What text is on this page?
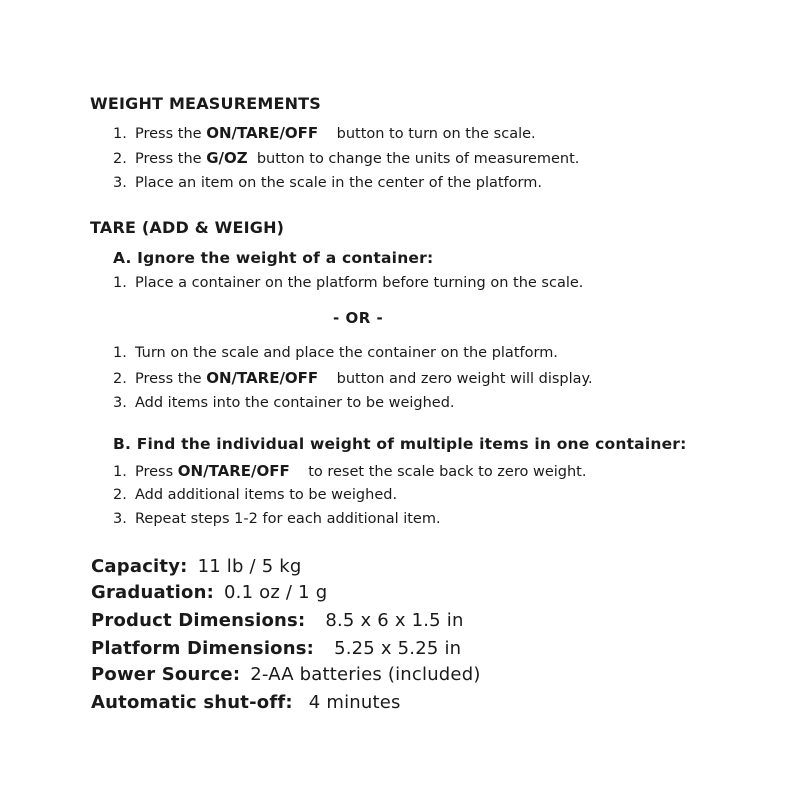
WEIGHT MEASUREMENTS
1. Press the ON/TARE/OFF button to turn on the scale.
2. Press the G/OZ button to change the units of measurement.
3. Place an item on the scale in the center of the platform.
TARE (ADD & WEIGH)
A. Ignore the weight of a container:
1. Place a container on the platform before turning on the scale.
- OR -
1. Turn on the scale and place the container on the platform.
2. Press the ON/TARE/OFF button and zero weight will display.
3. Add items into the container to be weighed.
B. Find the individual weight of multiple items in one container:
1. Press ON/TARE/OFF to reset the scale back to zero weight.
2. Add additional items to be weighed.
3. Repeat steps 1-2 for each additional item.
Capacity: 11 lb / 5 kg
Graduation: 0.1 oz / 1 g
Product Dimensions: 8.5 x 6 x 1.5 in
Platform Dimensions: 5.25 x 5.25 in
Power Source: 2-AA batteries (included)
Automatic shut-off: 4 minutes
